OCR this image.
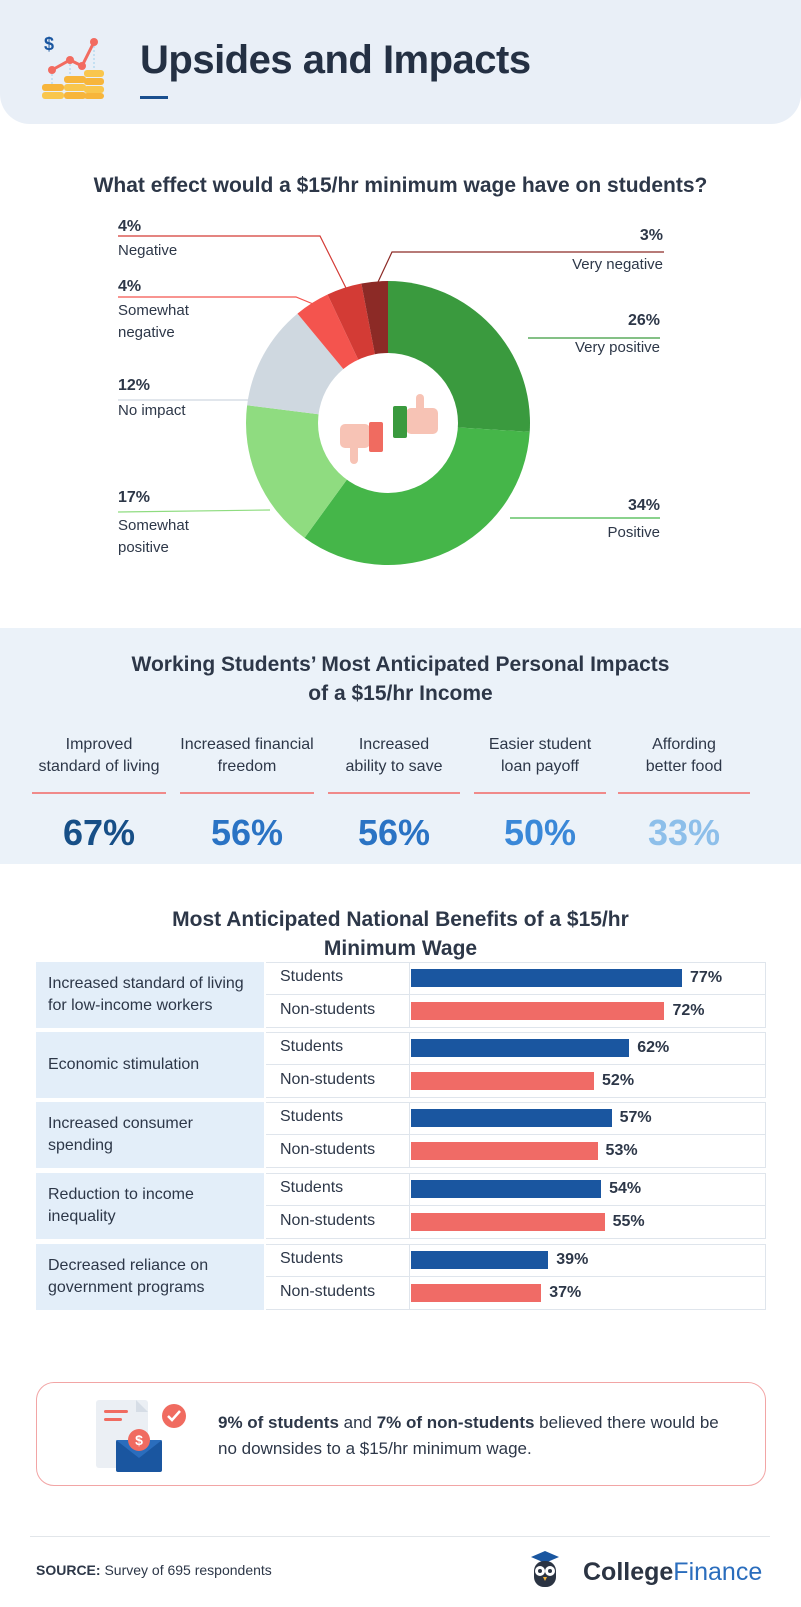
$ Upsides and Impacts
What effect would a $15/hr minimum wage have on students?
4%
Negative
4%
Somewhat
negative
12%
No impact
17%
Somewhat
positive
3%
Very negative
26%
Very positive
34%
Positive
Working Students’ Most Anticipated Personal Impacts
of a $15/hr Income
Improved
standard of living
67%
Increased financial
freedom
56%
Increased
ability to save
56%
Easier student
loan payoff
50%
Affording
better food
33%
Most Anticipated National Benefits of a $15/hr
Minimum Wage
Increased standard of living for low-income workers
Students	77%
Non-students	72%
Economic stimulation
Students	62%
Non-students	52%
Increased consumer spending
Students	57%
Non-students	53%
Reduction to income inequality
Students	54%
Non-students	55%
Decreased reliance on government programs
Students	39%
Non-students	37%
$
9% of students and 7% of non-students believed there would be no downsides to a $15/hr minimum wage.
SOURCE: Survey of 695 respondents	CollegeFinance
